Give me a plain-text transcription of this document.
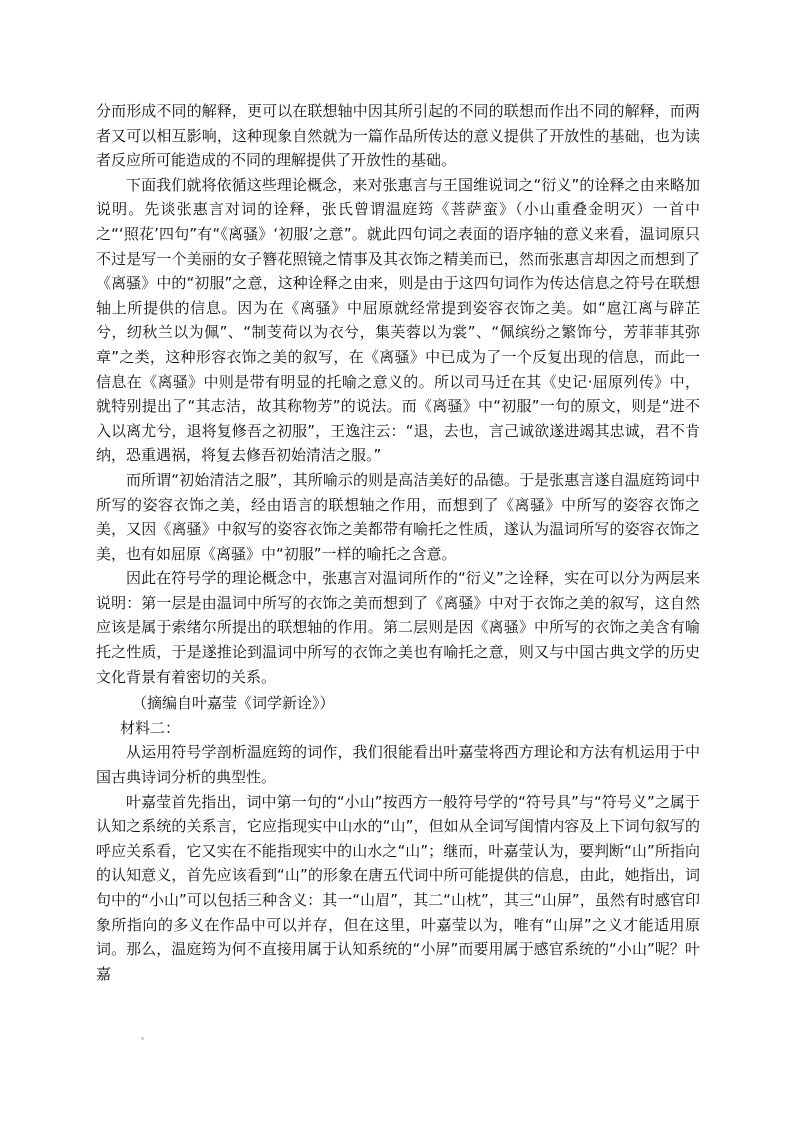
分而形成不同的解释，更可以在联想轴中因其所引起的不同的联想而作出不同的解释，而两者又可以相互影响，这种现象自然就为一篇作品所传达的意义提供了开放性的基础，也为读者反应所可能造成的不同的理解提供了开放性的基础。

下面我们就将依循这些理论概念，来对张惠言与王国维说词之“衍义”的诠释之由来略加说明。先谈张惠言对词的诠释，张氏曾谓温庭筠《菩萨蛮》（小山重叠金明灭）一首中之“‘照花’四句”有“《离骚》‘初服’之意”。就此四句词之表面的语序轴的意义来看，温词原只不过是写一个美丽的女子簪花照镜之情事及其衣饰之精美而已，然而张惠言却因之而想到了《离骚》中的“初服”之意，这种诠释之由来，则是由于这四句词作为传达信息之符号在联想轴上所提供的信息。因为在《离骚》中屈原就经常提到姿容衣饰之美。如“扈江离与辟芷兮，纫秋兰以为佩”、“制芰荷以为衣兮，集芙蓉以为裳”、“佩缤纷之繁饰兮，芳菲菲其弥章”之类，这种形容衣饰之美的叙写，在《离骚》中已成为了一个反复出现的信息，而此一信息在《离骚》中则是带有明显的托喻之意义的。所以司马迁在其《史记·屈原列传》中，就特别提出了“其志洁，故其称物芳”的说法。而《离骚》中“初服”一句的原文，则是“进不入以离尤兮，退将复修吾之初服”，王逸注云：“退，去也，言己诚欲遂进竭其忠诚，君不肯纳，恐重遇祸，将复去修吾初始清洁之服。”

而所谓“初始清洁之服”，其所喻示的则是高洁美好的品德。于是张惠言遂自温庭筠词中所写的姿容衣饰之美，经由语言的联想轴之作用，而想到了《离骚》中所写的姿容衣饰之美，又因《离骚》中叙写的姿容衣饰之美都带有喻托之性质，遂认为温词所写的姿容衣饰之美，也有如屈原《离骚》中“初服”一样的喻托之含意。

因此在符号学的理论概念中，张惠言对温词所作的“衍义”之诠释，实在可以分为两层来说明：第一层是由温词中所写的衣饰之美而想到了《离骚》中对于衣饰之美的叙写，这自然应该是属于索绪尔所提出的联想轴的作用。第二层则是因《离骚》中所写的衣饰之美含有喻托之性质，于是遂推论到温词中所写的衣饰之美也有喻托之意，则又与中国古典文学的历史文化背景有着密切的关系。

（摘编自叶嘉莹《词学新诠》）

材料二：

从运用符号学剖析温庭筠的词作，我们很能看出叶嘉莹将西方理论和方法有机运用于中国古典诗词分析的典型性。

叶嘉莹首先指出，词中第一句的“小山”按西方一般符号学的“符号具”与“符号义”之属于认知之系统的关系言，它应指现实中山水的“山”，但如从全词写闺情内容及上下词句叙写的呼应关系看，它又实在不能指现实中的山水之“山”；继而，叶嘉莹认为，要判断“山”所指向的认知意义，首先应该看到“山”的形象在唐五代词中所可能提供的信息，由此，她指出，词句中的“小山”可以包括三种含义：其一“山眉”，其二“山枕”，其三“山屏”，虽然有时感官印象所指向的多义在作品中可以并存，但在这里，叶嘉莹以为，唯有“山屏”之义才能适用原词。那么，温庭筠为何不直接用属于认知系统的“小屏”而要用属于感官系统的“小山”呢？叶嘉
